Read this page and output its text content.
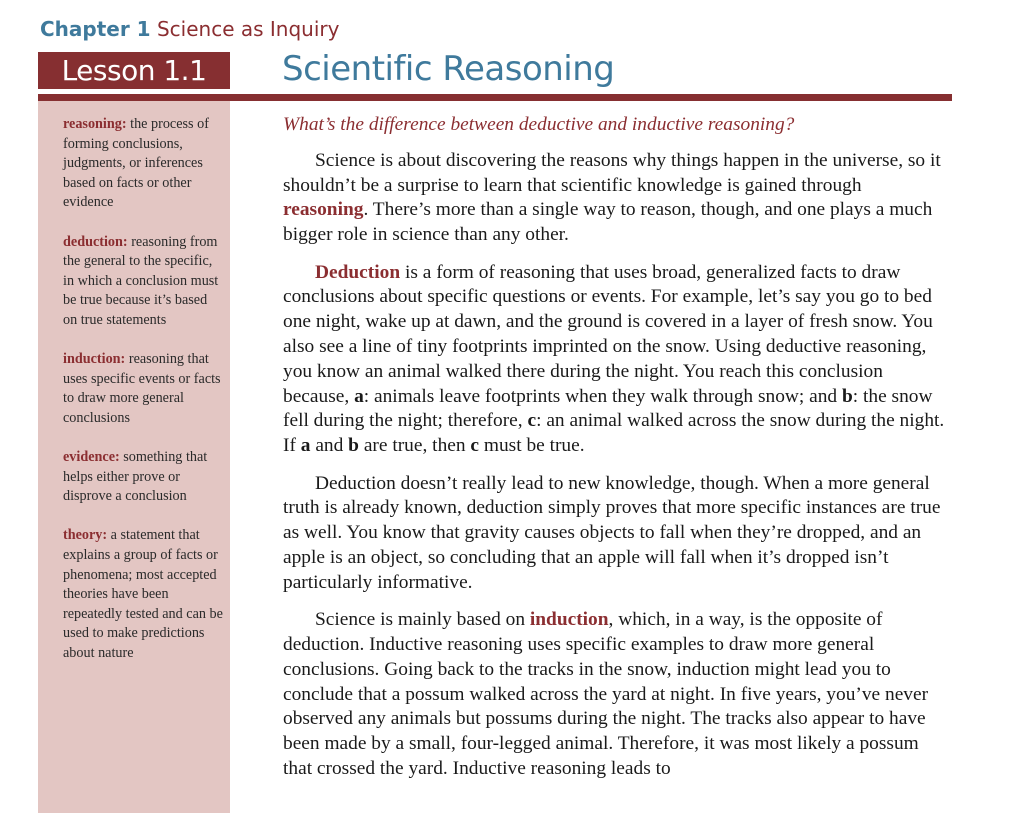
Chapter 1 Science as Inquiry
Lesson 1.1	Scientific Reasoning
reasoning: the process of forming conclusions, judgments, or inferences based on facts or other evidence
deduction: reasoning from the general to the specific, in which a conclusion must be true because it’s based on true statements
induction: reasoning that uses specific events or facts to draw more general conclusions
evidence: something that helps either prove or disprove a conclusion
theory: a statement that explains a group of facts or phenomena; most accepted theories have been repeatedly tested and can be used to make predictions about nature
What’s the difference between deductive and inductive reasoning?

Science is about discovering the reasons why things happen in the universe, so it shouldn’t be a surprise to learn that scientific knowledge is gained through reasoning. There’s more than a single way to reason, though, and one plays a much bigger role in science than any other.

Deduction is a form of reasoning that uses broad, generalized facts to draw conclusions about specific questions or events. For example, let’s say you go to bed one night, wake up at dawn, and the ground is covered in a layer of fresh snow. You also see a line of tiny footprints imprinted on the snow. Using deductive reasoning, you know an animal walked there during the night. You reach this conclusion because, a: animals leave footprints when they walk through snow; and b: the snow fell during the night; therefore, c: an animal walked across the snow during the night. If a and b are true, then c must be true.

Deduction doesn’t really lead to new knowledge, though. When a more general truth is already known, deduction simply proves that more specific instances are true as well. You know that gravity causes objects to fall when they’re dropped, and an apple is an object, so concluding that an apple will fall when it’s dropped isn’t particularly informative.

Science is mainly based on induction, which, in a way, is the opposite of deduction. Inductive reasoning uses specific examples to draw more general conclusions. Going back to the tracks in the snow, induction might lead you to conclude that a possum walked across the yard at night. In five years, you’ve never observed any animals but possums during the night. The tracks also appear to have been made by a small, four-legged animal. Therefore, it was most likely a possum that crossed the yard. Inductive reasoning leads to
